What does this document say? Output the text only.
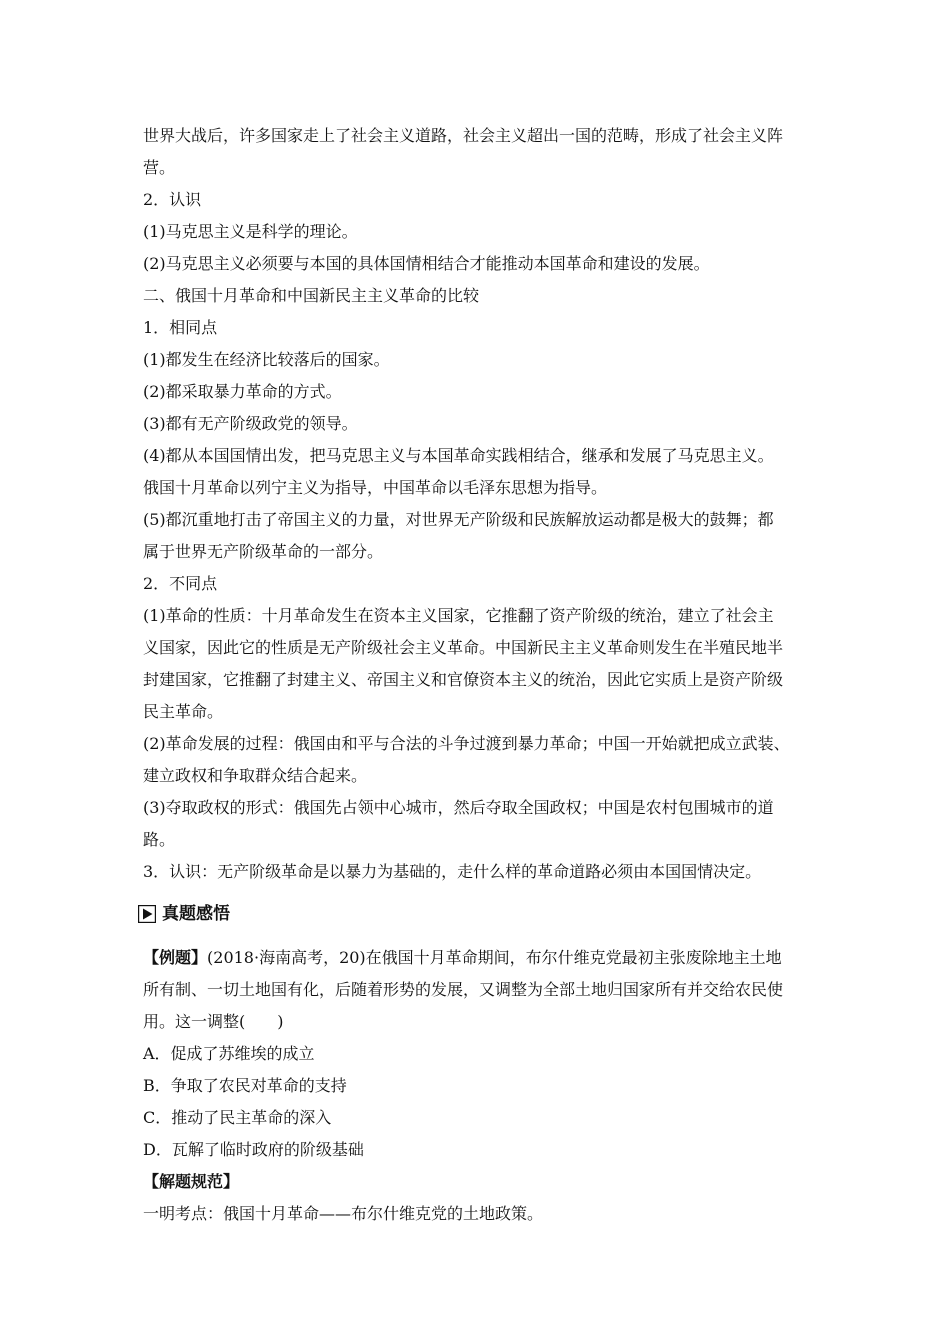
世界大战后，许多国家走上了社会主义道路，社会主义超出一国的范畴，形成了社会主义阵
营。
2．认识
(1)马克思主义是科学的理论。
(2)马克思主义必须要与本国的具体国情相结合才能推动本国革命和建设的发展。
二、俄国十月革命和中国新民主主义革命的比较
1．相同点
(1)都发生在经济比较落后的国家。
(2)都采取暴力革命的方式。
(3)都有无产阶级政党的领导。
(4)都从本国国情出发，把马克思主义与本国革命实践相结合，继承和发展了马克思主义。
俄国十月革命以列宁主义为指导，中国革命以毛泽东思想为指导。
(5)都沉重地打击了帝国主义的力量，对世界无产阶级和民族解放运动都是极大的鼓舞；都
属于世界无产阶级革命的一部分。
2．不同点
(1)革命的性质：十月革命发生在资本主义国家，它推翻了资产阶级的统治，建立了社会主
义国家，因此它的性质是无产阶级社会主义革命。中国新民主主义革命则发生在半殖民地半
封建国家，它推翻了封建主义、帝国主义和官僚资本主义的统治，因此它实质上是资产阶级
民主革命。
(2)革命发展的过程：俄国由和平与合法的斗争过渡到暴力革命；中国一开始就把成立武装、
建立政权和争取群众结合起来。
(3)夺取政权的形式：俄国先占领中心城市，然后夺取全国政权；中国是农村包围城市的道
路。
3．认识：无产阶级革命是以暴力为基础的，走什么样的革命道路必须由本国国情决定。
真题感悟
【例题】(2018·海南高考，20)在俄国十月革命期间，布尔什维克党最初主张废除地主土地
所有制、一切土地国有化，后随着形势的发展，又调整为全部土地归国家所有并交给农民使
用。这一调整(　　)
A．促成了苏维埃的成立
B．争取了农民对革命的支持
C．推动了民主革命的深入
D．瓦解了临时政府的阶级基础
【解题规范】
一明考点：俄国十月革命——布尔什维克党的土地政策。
